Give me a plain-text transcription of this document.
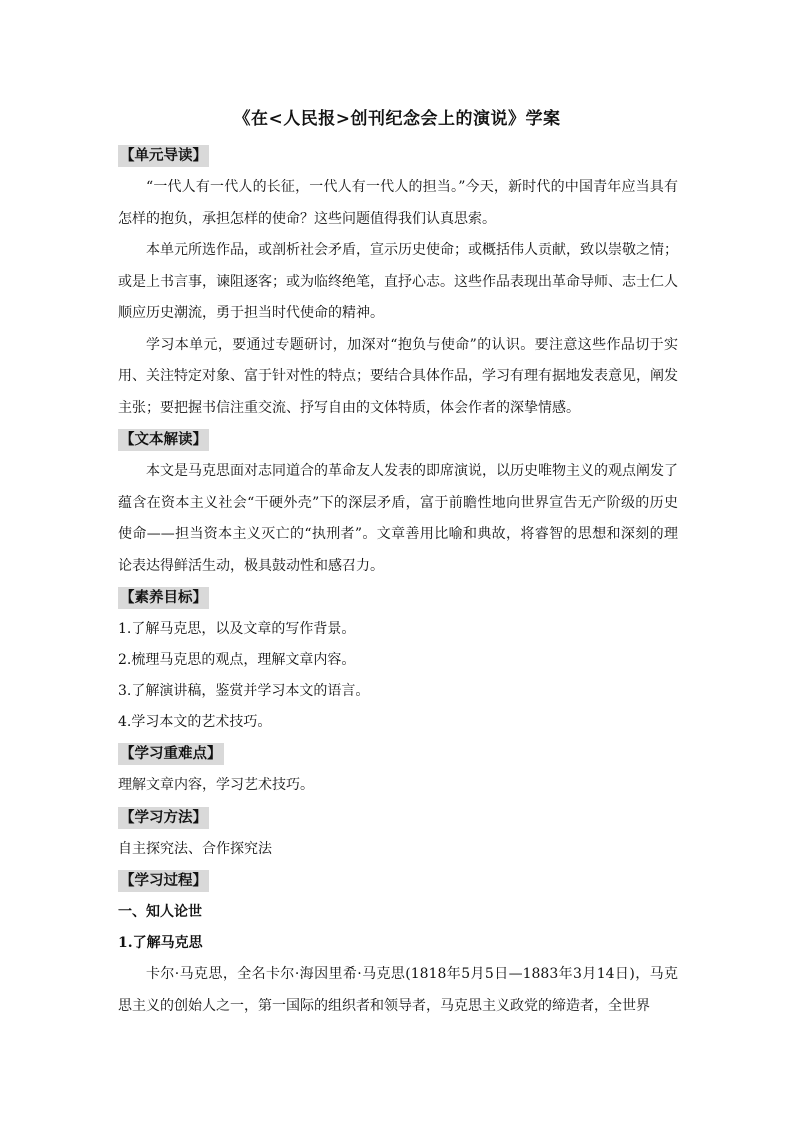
《在<人民报>创刊纪念会上的演说》学案
【单元导读】

“一代人有一代人的长征，一代人有一代人的担当。”今天，新时代的中国青年应当具有怎样的抱负，承担怎样的使命？这些问题值得我们认真思索。

本单元所选作品，或剖析社会矛盾，宣示历史使命；或概括伟人贡献，致以崇敬之情；或是上书言事，谏阻逐客；或为临终绝笔，直抒心志。这些作品表现出革命导师、志士仁人顺应历史潮流，勇于担当时代使命的精神。

学习本单元，要通过专题研讨，加深对“抱负与使命”的认识。要注意这些作品切于实用、关注特定对象、富于针对性的特点；要结合具体作品，学习有理有据地发表意见，阐发主张；要把握书信注重交流、抒写自由的文体特质，体会作者的深挚情感。

【文本解读】

本文是马克思面对志同道合的革命友人发表的即席演说，以历史唯物主义的观点阐发了蕴含在资本主义社会“干硬外壳”下的深层矛盾，富于前瞻性地向世界宣告无产阶级的历史使命——担当资本主义灭亡的“执刑者”。文章善用比喻和典故，将睿智的思想和深刻的理论表达得鲜活生动，极具鼓动性和感召力。

【素养目标】

1.了解马克思，以及文章的写作背景。

2.梳理马克思的观点，理解文章内容。

3.了解演讲稿，鉴赏并学习本文的语言。

4.学习本文的艺术技巧。

【学习重难点】

理解文章内容，学习艺术技巧。

【学习方法】

自主探究法、合作探究法

【学习过程】
一、知人论世
1.了解马克思

卡尔·马克思，全名卡尔·海因里希·马克思(1818年5月5日—1883年3月14日)，马克思主义的创始人之一，第一国际的组织者和领导者，马克思主义政党的缔造者，全世界
